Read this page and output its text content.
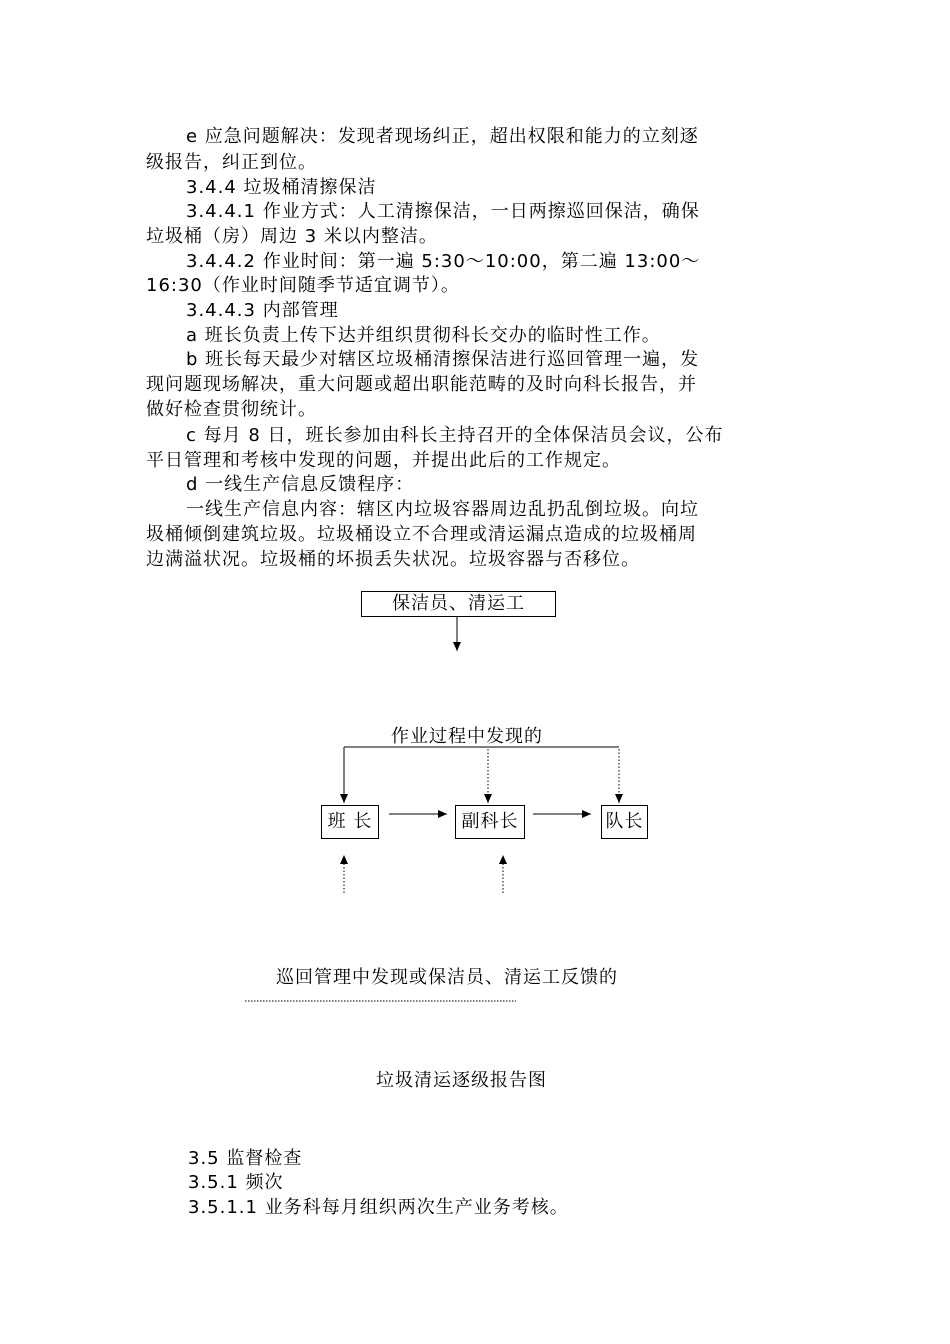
e 应急问题解决：发现者现场纠正，超出权限和能力的立刻逐
级报告，纠正到位。
3.4.4 垃圾桶清擦保洁
3.4.4.1 作业方式：人工清擦保洁，一日两擦巡回保洁，确保
垃圾桶（房）周边 3 米以内整洁。
3.4.4.2 作业时间：第一遍 5:30～10:00，第二遍 13:00～
16:30（作业时间随季节适宜调节）。
3.4.4.3 内部管理
a 班长负责上传下达并组织贯彻科长交办的临时性工作。
b 班长每天最少对辖区垃圾桶清擦保洁进行巡回管理一遍，发
现问题现场解决，重大问题或超出职能范畴的及时向科长报告，并
做好检查贯彻统计。
c 每月 8 日，班长参加由科长主持召开的全体保洁员会议，公布
平日管理和考核中发现的问题，并提出此后的工作规定。
d 一线生产信息反馈程序：
一线生产信息内容：辖区内垃圾容器周边乱扔乱倒垃圾。向垃
圾桶倾倒建筑垃圾。垃圾桶设立不合理或清运漏点造成的垃圾桶周
边满溢状况。垃圾桶的坏损丢失状况。垃圾容器与否移位。
保洁员、清运工
作业过程中发现的
班 长	副科长	队长
巡回管理中发现或保洁员、清运工反馈的
垃圾清运逐级报告图
3.5 监督检查
3.5.1 频次
3.5.1.1 业务科每月组织两次生产业务考核。
